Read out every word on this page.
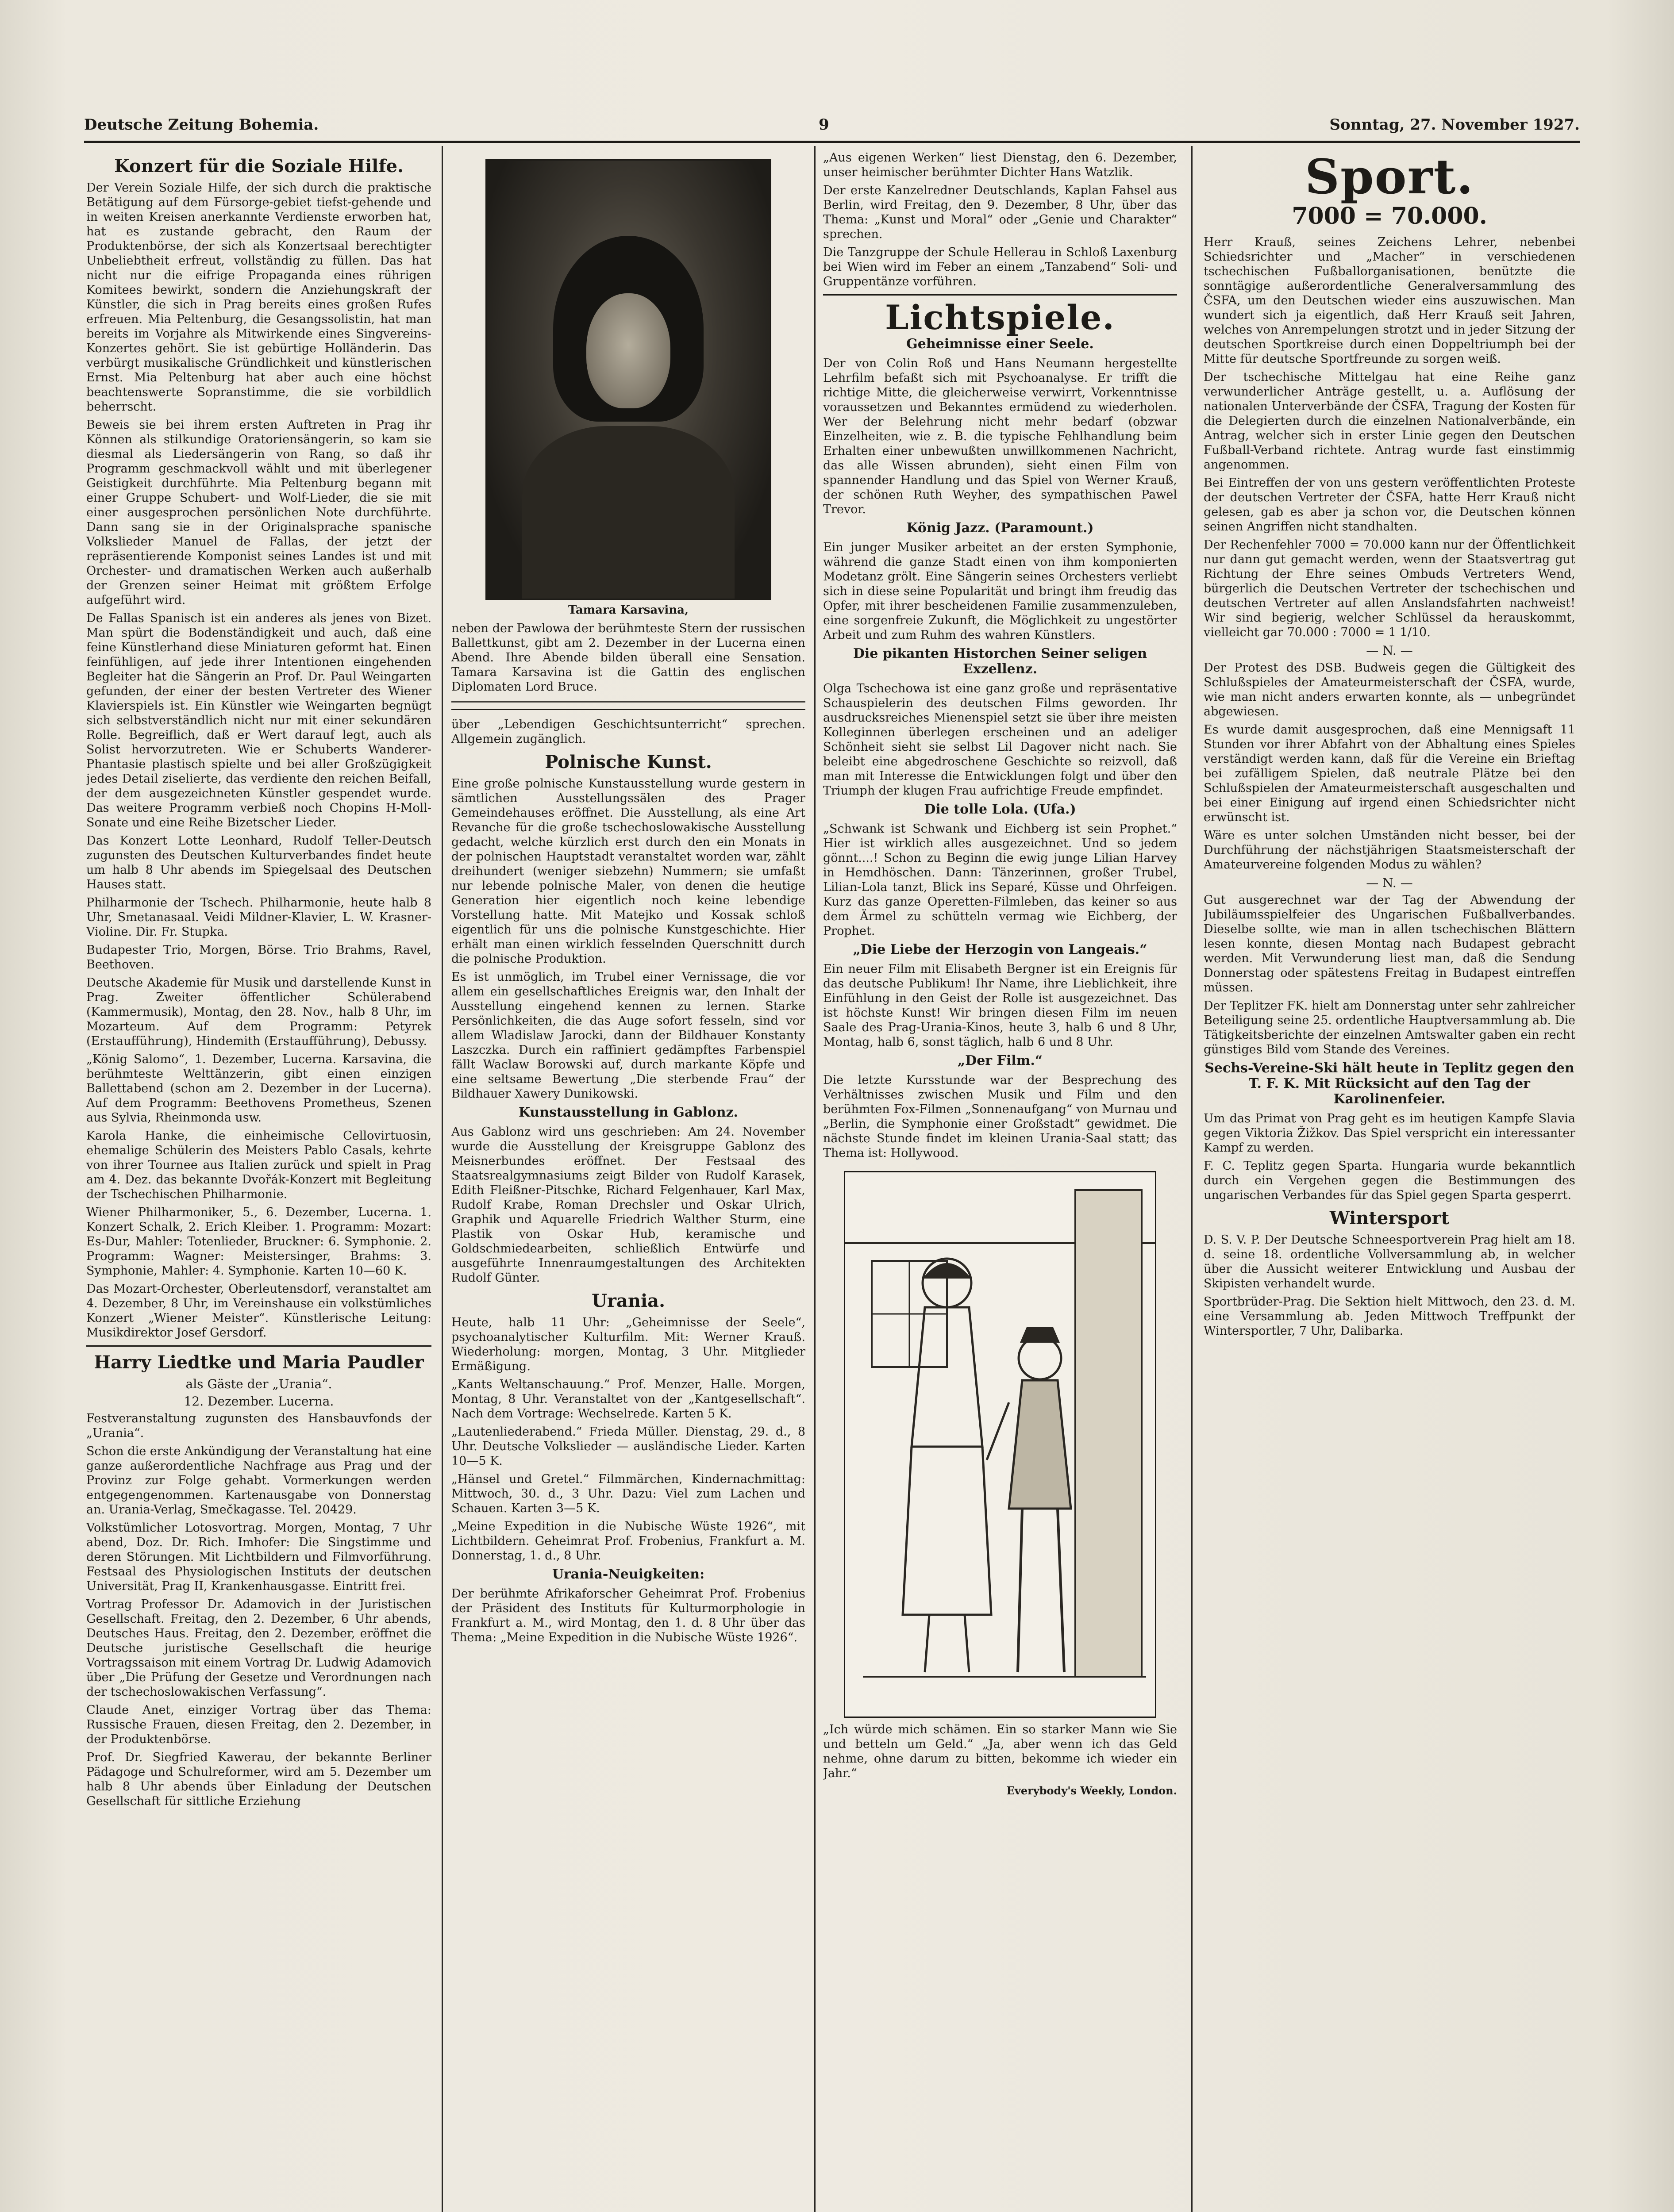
Deutsche Zeitung Bohemia.	9	Sonntag, 27. November 1927.
Konzert für die Soziale Hilfe.

Der Verein Soziale Hilfe, der sich durch die praktische Betätigung auf dem Fürsorge-gebiet tiefst-gehende und in weiten Kreisen anerkannte Verdienste erworben hat, hat es zustande gebracht, den Raum der Produktenbörse, der sich als Konzertsaal berechtigter Unbeliebtheit erfreut, vollständig zu füllen. Das hat nicht nur die eifrige Propaganda eines rührigen Komitees bewirkt, sondern die Anziehungskraft der Künstler, die sich in Prag bereits eines großen Rufes erfreuen. Mia Peltenburg, die Gesangssolistin, hat man bereits im Vorjahre als Mitwirkende eines Singvereins-Konzertes gehört. Sie ist gebürtige Holländerin. Das verbürgt musikalische Gründlichkeit und künstlerischen Ernst. Mia Peltenburg hat aber auch eine höchst beachtenswerte Sopranstimme, die sie vorbildlich beherrscht.

Beweis sie bei ihrem ersten Auftreten in Prag ihr Können als stilkundige Oratoriensängerin, so kam sie diesmal als Liedersängerin von Rang, so daß ihr Programm geschmackvoll wählt und mit überlegener Geistigkeit durchführte. Mia Peltenburg begann mit einer Gruppe Schubert- und Wolf-Lieder, die sie mit einer ausgesprochen persönlichen Note durchführte. Dann sang sie in der Originalsprache spanische Volkslieder Manuel de Fallas, der jetzt der repräsentierende Komponist seines Landes ist und mit Orchester- und dramatischen Werken auch außerhalb der Grenzen seiner Heimat mit größtem Erfolge aufgeführt wird.

De Fallas Spanisch ist ein anderes als jenes von Bizet. Man spürt die Bodenständigkeit und auch, daß eine feine Künstlerhand diese Miniaturen geformt hat. Einen feinfühligen, auf jede ihrer Intentionen eingehenden Begleiter hat die Sängerin an Prof. Dr. Paul Weingarten gefunden, der einer der besten Vertreter des Wiener Klavierspiels ist. Ein Künstler wie Weingarten begnügt sich selbstverständlich nicht nur mit einer sekundären Rolle. Begreiflich, daß er Wert darauf legt, auch als Solist hervorzutreten. Wie er Schuberts Wanderer-Phantasie plastisch spielte und bei aller Großzügigkeit jedes Detail ziselierte, das verdiente den reichen Beifall, der dem ausgezeichneten Künstler gespendet wurde. Das weitere Programm verbieß noch Chopins H-Moll-Sonate und eine Reihe Bizetscher Lieder.

Das Konzert Lotte Leonhard, Rudolf Teller-Deutsch zugunsten des Deutschen Kulturverbandes findet heute um halb 8 Uhr abends im Spiegelsaal des Deutschen Hauses statt.

Philharmonie der Tschech. Philharmonie, heute halb 8 Uhr, Smetanasaal. Veidi Mildner-Klavier, L. W. Krasner-Violine. Dir. Fr. Stupka.

Budapester Trio, Morgen, Börse. Trio Brahms, Ravel, Beethoven.

Deutsche Akademie für Musik und darstellende Kunst in Prag. Zweiter öffentlicher Schülerabend (Kammermusik), Montag, den 28. Nov., halb 8 Uhr, im Mozarteum. Auf dem Programm: Petyrek (Erstaufführung), Hindemith (Erstaufführung), Debussy.

„König Salomo“, 1. Dezember, Lucerna. Karsavina, die berühmteste Welttänzerin, gibt einen einzigen Ballettabend (schon am 2. Dezember in der Lucerna). Auf dem Programm: Beethovens Prometheus, Szenen aus Sylvia, Rheinmonda usw.

Karola Hanke, die einheimische Cellovirtuosin, ehemalige Schülerin des Meisters Pablo Casals, kehrte von ihrer Tournee aus Italien zurück und spielt in Prag am 4. Dez. das bekannte Dvořák-Konzert mit Begleitung der Tschechischen Philharmonie.

Wiener Philharmoniker, 5., 6. Dezember, Lucerna. 1. Konzert Schalk, 2. Erich Kleiber. 1. Programm: Mozart: Es-Dur, Mahler: Totenlieder, Bruckner: 6. Symphonie. 2. Programm: Wagner: Meistersinger, Brahms: 3. Symphonie, Mahler: 4. Symphonie. Karten 10—60 K.

Das Mozart-Orchester, Oberleutensdorf, veranstaltet am 4. Dezember, 8 Uhr, im Vereinshause ein volkstümliches Konzert „Wiener Meister“. Künstlerische Leitung: Musikdirektor Josef Gersdorf.

Harry Liedtke und Maria Paudler
als Gäste der „Urania“.
12. Dezember. Lucerna.

Festveranstaltung zugunsten des Hansbauvfonds der „Urania“.

Schon die erste Ankündigung der Veranstaltung hat eine ganze außerordentliche Nachfrage aus Prag und der Provinz zur Folge gehabt. Vormerkungen werden entgegengenommen. Kartenausgabe von Donnerstag an. Urania-Verlag, Smečkagasse. Tel. 20429.

Volkstümlicher Lotosvortrag. Morgen, Montag, 7 Uhr abend, Doz. Dr. Rich. Imhofer: Die Singstimme und deren Störungen. Mit Lichtbildern und Filmvorführung. Festsaal des Physiologischen Instituts der deutschen Universität, Prag II, Krankenhausgasse. Eintritt frei.

Vortrag Professor Dr. Adamovich in der Juristischen Gesellschaft. Freitag, den 2. Dezember, 6 Uhr abends, Deutsches Haus. Freitag, den 2. Dezember, eröffnet die Deutsche juristische Gesellschaft die heurige Vortragssaison mit einem Vortrag Dr. Ludwig Adamovich über „Die Prüfung der Gesetze und Verordnungen nach der tschechoslowakischen Verfassung“.

Claude Anet, einziger Vortrag über das Thema: Russische Frauen, diesen Freitag, den 2. Dezember, in der Produktenbörse.

Prof. Dr. Siegfried Kawerau, der bekannte Berliner Pädagoge und Schulreformer, wird am 5. Dezember um halb 8 Uhr abends über Einladung der Deutschen Gesellschaft für sittliche Erziehung

Tamara Karsavina,

neben der Pawlowa der berühmteste Stern der russischen Ballettkunst, gibt am 2. Dezember in der Lucerna einen Abend. Ihre Abende bilden überall eine Sensation. Tamara Karsavina ist die Gattin des englischen Diplomaten Lord Bruce.

über „Lebendigen Geschichtsunterricht“ sprechen. Allgemein zugänglich.

Polnische Kunst.

Eine große polnische Kunstausstellung wurde gestern in sämtlichen Ausstellungssälen des Prager Gemeindehauses eröffnet. Die Ausstellung, als eine Art Revanche für die große tschechoslowakische Ausstellung gedacht, welche kürzlich erst durch den ein Monats in der polnischen Hauptstadt veranstaltet worden war, zählt dreihundert (weniger siebzehn) Nummern; sie umfaßt nur lebende polnische Maler, von denen die heutige Generation hier eigentlich noch keine lebendige Vorstellung hatte. Mit Matejko und Kossak schloß eigentlich für uns die polnische Kunstgeschichte. Hier erhält man einen wirklich fesselnden Querschnitt durch die polnische Produktion.

Es ist unmöglich, im Trubel einer Vernissage, die vor allem ein gesellschaftliches Ereignis war, den Inhalt der Ausstellung eingehend kennen zu lernen. Starke Persönlichkeiten, die das Auge sofort fesseln, sind vor allem Wladislaw Jarocki, dann der Bildhauer Konstanty Laszczka. Durch ein raffiniert gedämpftes Farbenspiel fällt Waclaw Borowski auf, durch markante Köpfe und eine seltsame Bewertung „Die sterbende Frau“ der Bildhauer Xawery Dunikowski.

Kunstausstellung in Gablonz.

Aus Gablonz wird uns geschrieben: Am 24. November wurde die Ausstellung der Kreisgruppe Gablonz des Meisnerbundes eröffnet. Der Festsaal des Staatsrealgymnasiums zeigt Bilder von Rudolf Karasek, Edith Fleißner-Pitschke, Richard Felgenhauer, Karl Max, Rudolf Krabe, Roman Drechsler und Oskar Ulrich, Graphik und Aquarelle Friedrich Walther Sturm, eine Plastik von Oskar Hub, keramische und Goldschmiedearbeiten, schließlich Entwürfe und ausgeführte Innenraumgestaltungen des Architekten Rudolf Günter.

Urania.

Heute, halb 11 Uhr: „Geheimnisse der Seele“, psychoanalytischer Kulturfilm. Mit: Werner Krauß. Wiederholung: morgen, Montag, 3 Uhr. Mitglieder Ermäßigung.

„Kants Weltanschauung.“ Prof. Menzer, Halle. Morgen, Montag, 8 Uhr. Veranstaltet von der „Kantgesellschaft“. Nach dem Vortrage: Wechselrede. Karten 5 K.

„Lautenliederabend.“ Frieda Müller. Dienstag, 29. d., 8 Uhr. Deutsche Volkslieder — ausländische Lieder. Karten 10—5 K.

„Hänsel und Gretel.“ Filmmärchen, Kindernachmittag: Mittwoch, 30. d., 3 Uhr. Dazu: Viel zum Lachen und Schauen. Karten 3—5 K.

„Meine Expedition in die Nubische Wüste 1926“, mit Lichtbildern. Geheimrat Prof. Frobenius, Frankfurt a. M. Donnerstag, 1. d., 8 Uhr.

Urania-Neuigkeiten:

Der berühmte Afrikaforscher Geheimrat Prof. Frobenius der Präsident des Instituts für Kulturmorphologie in Frankfurt a. M., wird Montag, den 1. d. 8 Uhr über das Thema: „Meine Expedition in die Nubische Wüste 1926“.

„Aus eigenen Werken“ liest Dienstag, den 6. Dezember, unser heimischer berühmter Dichter Hans Watzlik.

Der erste Kanzelredner Deutschlands, Kaplan Fahsel aus Berlin, wird Freitag, den 9. Dezember, 8 Uhr, über das Thema: „Kunst und Moral“ oder „Genie und Charakter“ sprechen.

Die Tanzgruppe der Schule Hellerau in Schloß Laxenburg bei Wien wird im Feber an einem „Tanzabend“ Soli- und Gruppentänze vorführen.

Lichtspiele.
Geheimnisse einer Seele.

Der von Colin Roß und Hans Neumann hergestellte Lehrfilm befaßt sich mit Psychoanalyse. Er trifft die richtige Mitte, die gleicherweise verwirrt, Vorkenntnisse voraussetzen und Bekanntes ermüdend zu wiederholen. Wer der Belehrung nicht mehr bedarf (obzwar Einzelheiten, wie z. B. die typische Fehlhandlung beim Erhalten einer unbewußten unwillkommenen Nachricht, das alle Wissen abrunden), sieht einen Film von spannender Handlung und das Spiel von Werner Krauß, der schönen Ruth Weyher, des sympathischen Pawel Trevor.

König Jazz. (Paramount.)

Ein junger Musiker arbeitet an der ersten Symphonie, während die ganze Stadt einen von ihm komponierten Modetanz grölt. Eine Sängerin seines Orchesters verliebt sich in diese seine Popularität und bringt ihm freudig das Opfer, mit ihrer bescheidenen Familie zusammenzuleben, eine sorgenfreie Zukunft, die Möglichkeit zu ungestörter Arbeit und zum Ruhm des wahren Künstlers.

Die pikanten Historchen Seiner seligen Exzellenz.

Olga Tschechowa ist eine ganz große und repräsentative Schauspielerin des deutschen Films geworden. Ihr ausdrucksreiches Mienenspiel setzt sie über ihre meisten Kolleginnen überlegen erscheinen und an adeliger Schönheit sieht sie selbst Lil Dagover nicht nach. Sie beleibt eine abgedroschene Geschichte so reizvoll, daß man mit Interesse die Entwicklungen folgt und über den Triumph der klugen Frau aufrichtige Freude empfindet.

Die tolle Lola. (Ufa.)

„Schwank ist Schwank und Eichberg ist sein Prophet.“ Hier ist wirklich alles ausgezeichnet. Und so jedem gönnt....! Schon zu Beginn die ewig junge Lilian Harvey in Hemdhöschen. Dann: Tänzerinnen, großer Trubel, Lilian-Lola tanzt, Blick ins Separé, Küsse und Ohrfeigen. Kurz das ganze Operetten-Filmleben, das keiner so aus dem Ärmel zu schütteln vermag wie Eichberg, der Prophet.

„Die Liebe der Herzogin von Langeais.“

Ein neuer Film mit Elisabeth Bergner ist ein Ereignis für das deutsche Publikum! Ihr Name, ihre Lieblichkeit, ihre Einfühlung in den Geist der Rolle ist ausgezeichnet. Das ist höchste Kunst! Wir bringen diesen Film im neuen Saale des Prag-Urania-Kinos, heute 3, halb 6 und 8 Uhr, Montag, halb 6, sonst täglich, halb 6 und 8 Uhr.

„Der Film.“

Die letzte Kursstunde war der Besprechung des Verhältnisses zwischen Musik und Film und den berühmten Fox-Filmen „Sonnenaufgang“ von Murnau und „Berlin, die Symphonie einer Großstadt“ gewidmet. Die nächste Stunde findet im kleinen Urania-Saal statt; das Thema ist: Hollywood.

„Ich würde mich schämen. Ein so starker Mann wie Sie und betteln um Geld.“ „Ja, aber wenn ich das Geld nehme, ohne darum zu bitten, bekomme ich wieder ein Jahr.“

Everybody's Weekly, London.
Sport.
7000 = 70.000.

Herr Krauß, seines Zeichens Lehrer, nebenbei Schiedsrichter und „Macher“ in verschiedenen tschechischen Fußballorganisationen, benützte die sonntägige außerordentliche Generalversammlung des ČSFA, um den Deutschen wieder eins auszuwischen. Man wundert sich ja eigentlich, daß Herr Krauß seit Jahren, welches von Anrempelungen strotzt und in jeder Sitzung der deutschen Sportkreise durch einen Doppeltriumph bei der Mitte für deutsche Sportfreunde zu sorgen weiß.

Der tschechische Mittelgau hat eine Reihe ganz verwunderlicher Anträge gestellt, u. a. Auflösung der nationalen Unterverbände der ČSFA, Tragung der Kosten für die Delegierten durch die einzelnen Nationalverbände, ein Antrag, welcher sich in erster Linie gegen den Deutschen Fußball-Verband richtete. Antrag wurde fast einstimmig angenommen.

Bei Eintreffen der von uns gestern veröffentlichten Proteste der deutschen Vertreter der ČSFA, hatte Herr Krauß nicht gelesen, gab es aber ja schon vor, die Deutschen können seinen Angriffen nicht standhalten.

Der Rechenfehler 7000 = 70.000 kann nur der Öffentlichkeit nur dann gut gemacht werden, wenn der Staatsvertrag gut Richtung der Ehre seines Ombuds Vertreters Wend, bürgerlich die Deutschen Vertreter der tschechischen und deutschen Vertreter auf allen Anslandsfahrten nachweist! Wir sind begierig, welcher Schlüssel da herauskommt, vielleicht gar 70.000 : 7000 = 1 1/10.

— N. —

Der Protest des DSB. Budweis gegen die Gültigkeit des Schlußspieles der Amateurmeisterschaft der ČSFA, wurde, wie man nicht anders erwarten konnte, als — unbegründet abgewiesen.

Es wurde damit ausgesprochen, daß eine Mennigsaft 11 Stunden vor ihrer Abfahrt von der Abhaltung eines Spieles verständigt werden kann, daß für die Vereine ein Brieftag bei zufälligem Spielen, daß neutrale Plätze bei den Schlußspielen der Amateurmeisterschaft ausgeschalten und bei einer Einigung auf irgend einen Schiedsrichter nicht erwünscht ist.

Wäre es unter solchen Umständen nicht besser, bei der Durchführung der nächstjährigen Staatsmeisterschaft der Amateurvereine folgenden Modus zu wählen?

— N. —

Gut ausgerechnet war der Tag der Abwendung der Jubiläumsspielfeier des Ungarischen Fußballverbandes. Dieselbe sollte, wie man in allen tschechischen Blättern lesen konnte, diesen Montag nach Budapest gebracht werden. Mit Verwunderung liest man, daß die Sendung Donnerstag oder spätestens Freitag in Budapest eintreffen müssen.

Der Teplitzer FK. hielt am Donnerstag unter sehr zahlreicher Beteiligung seine 25. ordentliche Hauptversammlung ab. Die Tätigkeitsberichte der einzelnen Amtswalter gaben ein recht günstiges Bild vom Stande des Vereines.

Sechs-Vereine-Ski hält heute in Teplitz gegen den T. F. K. Mit Rücksicht auf den Tag der Karolinenfeier.

Um das Primat von Prag geht es im heutigen Kampfe Slavia gegen Viktoria Žižkov. Das Spiel verspricht ein interessanter Kampf zu werden.

F. C. Teplitz gegen Sparta. Hungaria wurde bekanntlich durch ein Vergehen gegen die Bestimmungen des ungarischen Verbandes für das Spiel gegen Sparta gesperrt.

Wintersport

D. S. V. P. Der Deutsche Schneesportverein Prag hielt am 18. d. seine 18. ordentliche Vollversammlung ab, in welcher über die Aussicht weiterer Entwicklung und Ausbau der Skipisten verhandelt wurde.

Sportbrüder-Prag. Die Sektion hielt Mittwoch, den 23. d. M. eine Versammlung ab. Jeden Mittwoch Treffpunkt der Wintersportler, 7 Uhr, Dalibarka.
